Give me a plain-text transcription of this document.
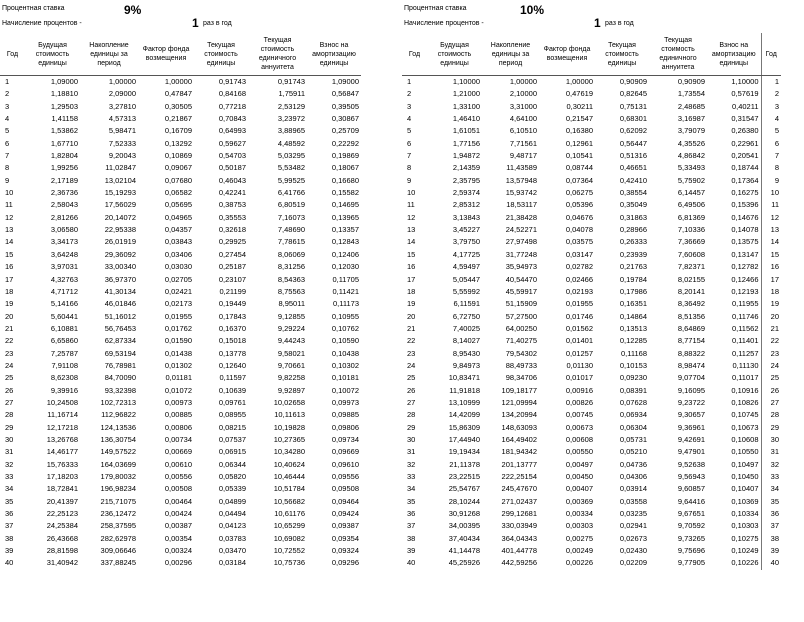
Процентная ставка	9%
Начисление процентов -	1 раз в год
Год	Будущая стоимость единицы	Накопление единицы за период	Фактор фонда возмещения	Текущая стоимость единицы	Текущая стоимость единичного аннуитета	Взнос на амортизацию единицы
1	1,09000	1,00000	1,00000	0,91743	0,91743	1,09000
2	1,18810	2,09000	0,47847	0,84168	1,75911	0,56847
3	1,29503	3,27810	0,30505	0,77218	2,53129	0,39505
4	1,41158	4,57313	0,21867	0,70843	3,23972	0,30867
5	1,53862	5,98471	0,16709	0,64993	3,88965	0,25709
6	1,67710	7,52333	0,13292	0,59627	4,48592	0,22292
7	1,82804	9,20043	0,10869	0,54703	5,03295	0,19869
8	1,99256	11,02847	0,09067	0,50187	5,53482	0,18067
9	2,17189	13,02104	0,07680	0,46043	5,99525	0,16680
10	2,36736	15,19293	0,06582	0,42241	6,41766	0,15582
11	2,58043	17,56029	0,05695	0,38753	6,80519	0,14695
12	2,81266	20,14072	0,04965	0,35553	7,16073	0,13965
13	3,06580	22,95338	0,04357	0,32618	7,48690	0,13357
14	3,34173	26,01919	0,03843	0,29925	7,78615	0,12843
15	3,64248	29,36092	0,03406	0,27454	8,06069	0,12406
16	3,97031	33,00340	0,03030	0,25187	8,31256	0,12030
17	4,32763	36,97370	0,02705	0,23107	8,54363	0,11705
18	4,71712	41,30134	0,02421	0,21199	8,75563	0,11421
19	5,14166	46,01846	0,02173	0,19449	8,95011	0,11173
20	5,60441	51,16012	0,01955	0,17843	9,12855	0,10955
21	6,10881	56,76453	0,01762	0,16370	9,29224	0,10762
22	6,65860	62,87334	0,01590	0,15018	9,44243	0,10590
23	7,25787	69,53194	0,01438	0,13778	9,58021	0,10438
24	7,91108	76,78981	0,01302	0,12640	9,70661	0,10302
25	8,62308	84,70090	0,01181	0,11597	9,82258	0,10181
26	9,39916	93,32398	0,01072	0,10639	9,92897	0,10072
27	10,24508	102,72313	0,00973	0,09761	10,02658	0,09973
28	11,16714	112,96822	0,00885	0,08955	10,11613	0,09885
29	12,17218	124,13536	0,00806	0,08215	10,19828	0,09806
30	13,26768	136,30754	0,00734	0,07537	10,27365	0,09734
31	14,46177	149,57522	0,00669	0,06915	10,34280	0,09669
32	15,76333	164,03699	0,00610	0,06344	10,40624	0,09610
33	17,18203	179,80032	0,00556	0,05820	10,46444	0,09556
34	18,72841	196,98234	0,00508	0,05339	10,51784	0,09508
35	20,41397	215,71075	0,00464	0,04899	10,56682	0,09464
36	22,25123	236,12472	0,00424	0,04494	10,61176	0,09424
37	24,25384	258,37595	0,00387	0,04123	10,65299	0,09387
38	26,43668	282,62978	0,00354	0,03783	10,69082	0,09354
39	28,81598	309,06646	0,00324	0,03470	10,72552	0,09324
40	31,40942	337,88245	0,00296	0,03184	10,75736	0,09296
Процентная ставка	10%
Начисление процентов -	1 раз в год
Год	Будущая стоимость единицы	Накопление единицы за период	Фактор фонда возмещения	Текущая стоимость единицы	Текущая стоимость единичного аннуитета	Взнос на амортизацию единицы	Год
1	1,10000	1,00000	1,00000	0,90909	0,90909	1,10000	1
2	1,21000	2,10000	0,47619	0,82645	1,73554	0,57619	2
3	1,33100	3,31000	0,30211	0,75131	2,48685	0,40211	3
4	1,46410	4,64100	0,21547	0,68301	3,16987	0,31547	4
5	1,61051	6,10510	0,16380	0,62092	3,79079	0,26380	5
6	1,77156	7,71561	0,12961	0,56447	4,35526	0,22961	6
7	1,94872	9,48717	0,10541	0,51316	4,86842	0,20541	7
8	2,14359	11,43589	0,08744	0,46651	5,33493	0,18744	8
9	2,35795	13,57948	0,07364	0,42410	5,75902	0,17364	9
10	2,59374	15,93742	0,06275	0,38554	6,14457	0,16275	10
11	2,85312	18,53117	0,05396	0,35049	6,49506	0,15396	11
12	3,13843	21,38428	0,04676	0,31863	6,81369	0,14676	12
13	3,45227	24,52271	0,04078	0,28966	7,10336	0,14078	13
14	3,79750	27,97498	0,03575	0,26333	7,36669	0,13575	14
15	4,17725	31,77248	0,03147	0,23939	7,60608	0,13147	15
16	4,59497	35,94973	0,02782	0,21763	7,82371	0,12782	16
17	5,05447	40,54470	0,02466	0,19784	8,02155	0,12466	17
18	5,55992	45,59917	0,02193	0,17986	8,20141	0,12193	18
19	6,11591	51,15909	0,01955	0,16351	8,36492	0,11955	19
20	6,72750	57,27500	0,01746	0,14864	8,51356	0,11746	20
21	7,40025	64,00250	0,01562	0,13513	8,64869	0,11562	21
22	8,14027	71,40275	0,01401	0,12285	8,77154	0,11401	22
23	8,95430	79,54302	0,01257	0,11168	8,88322	0,11257	23
24	9,84973	88,49733	0,01130	0,10153	8,98474	0,11130	24
25	10,83471	98,34706	0,01017	0,09230	9,07704	0,11017	25
26	11,91818	109,18177	0,00916	0,08391	9,16095	0,10916	26
27	13,10999	121,09994	0,00826	0,07628	9,23722	0,10826	27
28	14,42099	134,20994	0,00745	0,06934	9,30657	0,10745	28
29	15,86309	148,63093	0,00673	0,06304	9,36961	0,10673	29
30	17,44940	164,49402	0,00608	0,05731	9,42691	0,10608	30
31	19,19434	181,94342	0,00550	0,05210	9,47901	0,10550	31
32	21,11378	201,13777	0,00497	0,04736	9,52638	0,10497	32
33	23,22515	222,25154	0,00450	0,04306	9,56943	0,10450	33
34	25,54767	245,47670	0,00407	0,03914	9,60857	0,10407	34
35	28,10244	271,02437	0,00369	0,03558	9,64416	0,10369	35
36	30,91268	299,12681	0,00334	0,03235	9,67651	0,10334	36
37	34,00395	330,03949	0,00303	0,02941	9,70592	0,10303	37
38	37,40434	364,04343	0,00275	0,02673	9,73265	0,10275	38
39	41,14478	401,44778	0,00249	0,02430	9,75696	0,10249	39
40	45,25926	442,59256	0,00226	0,02209	9,77905	0,10226	40
